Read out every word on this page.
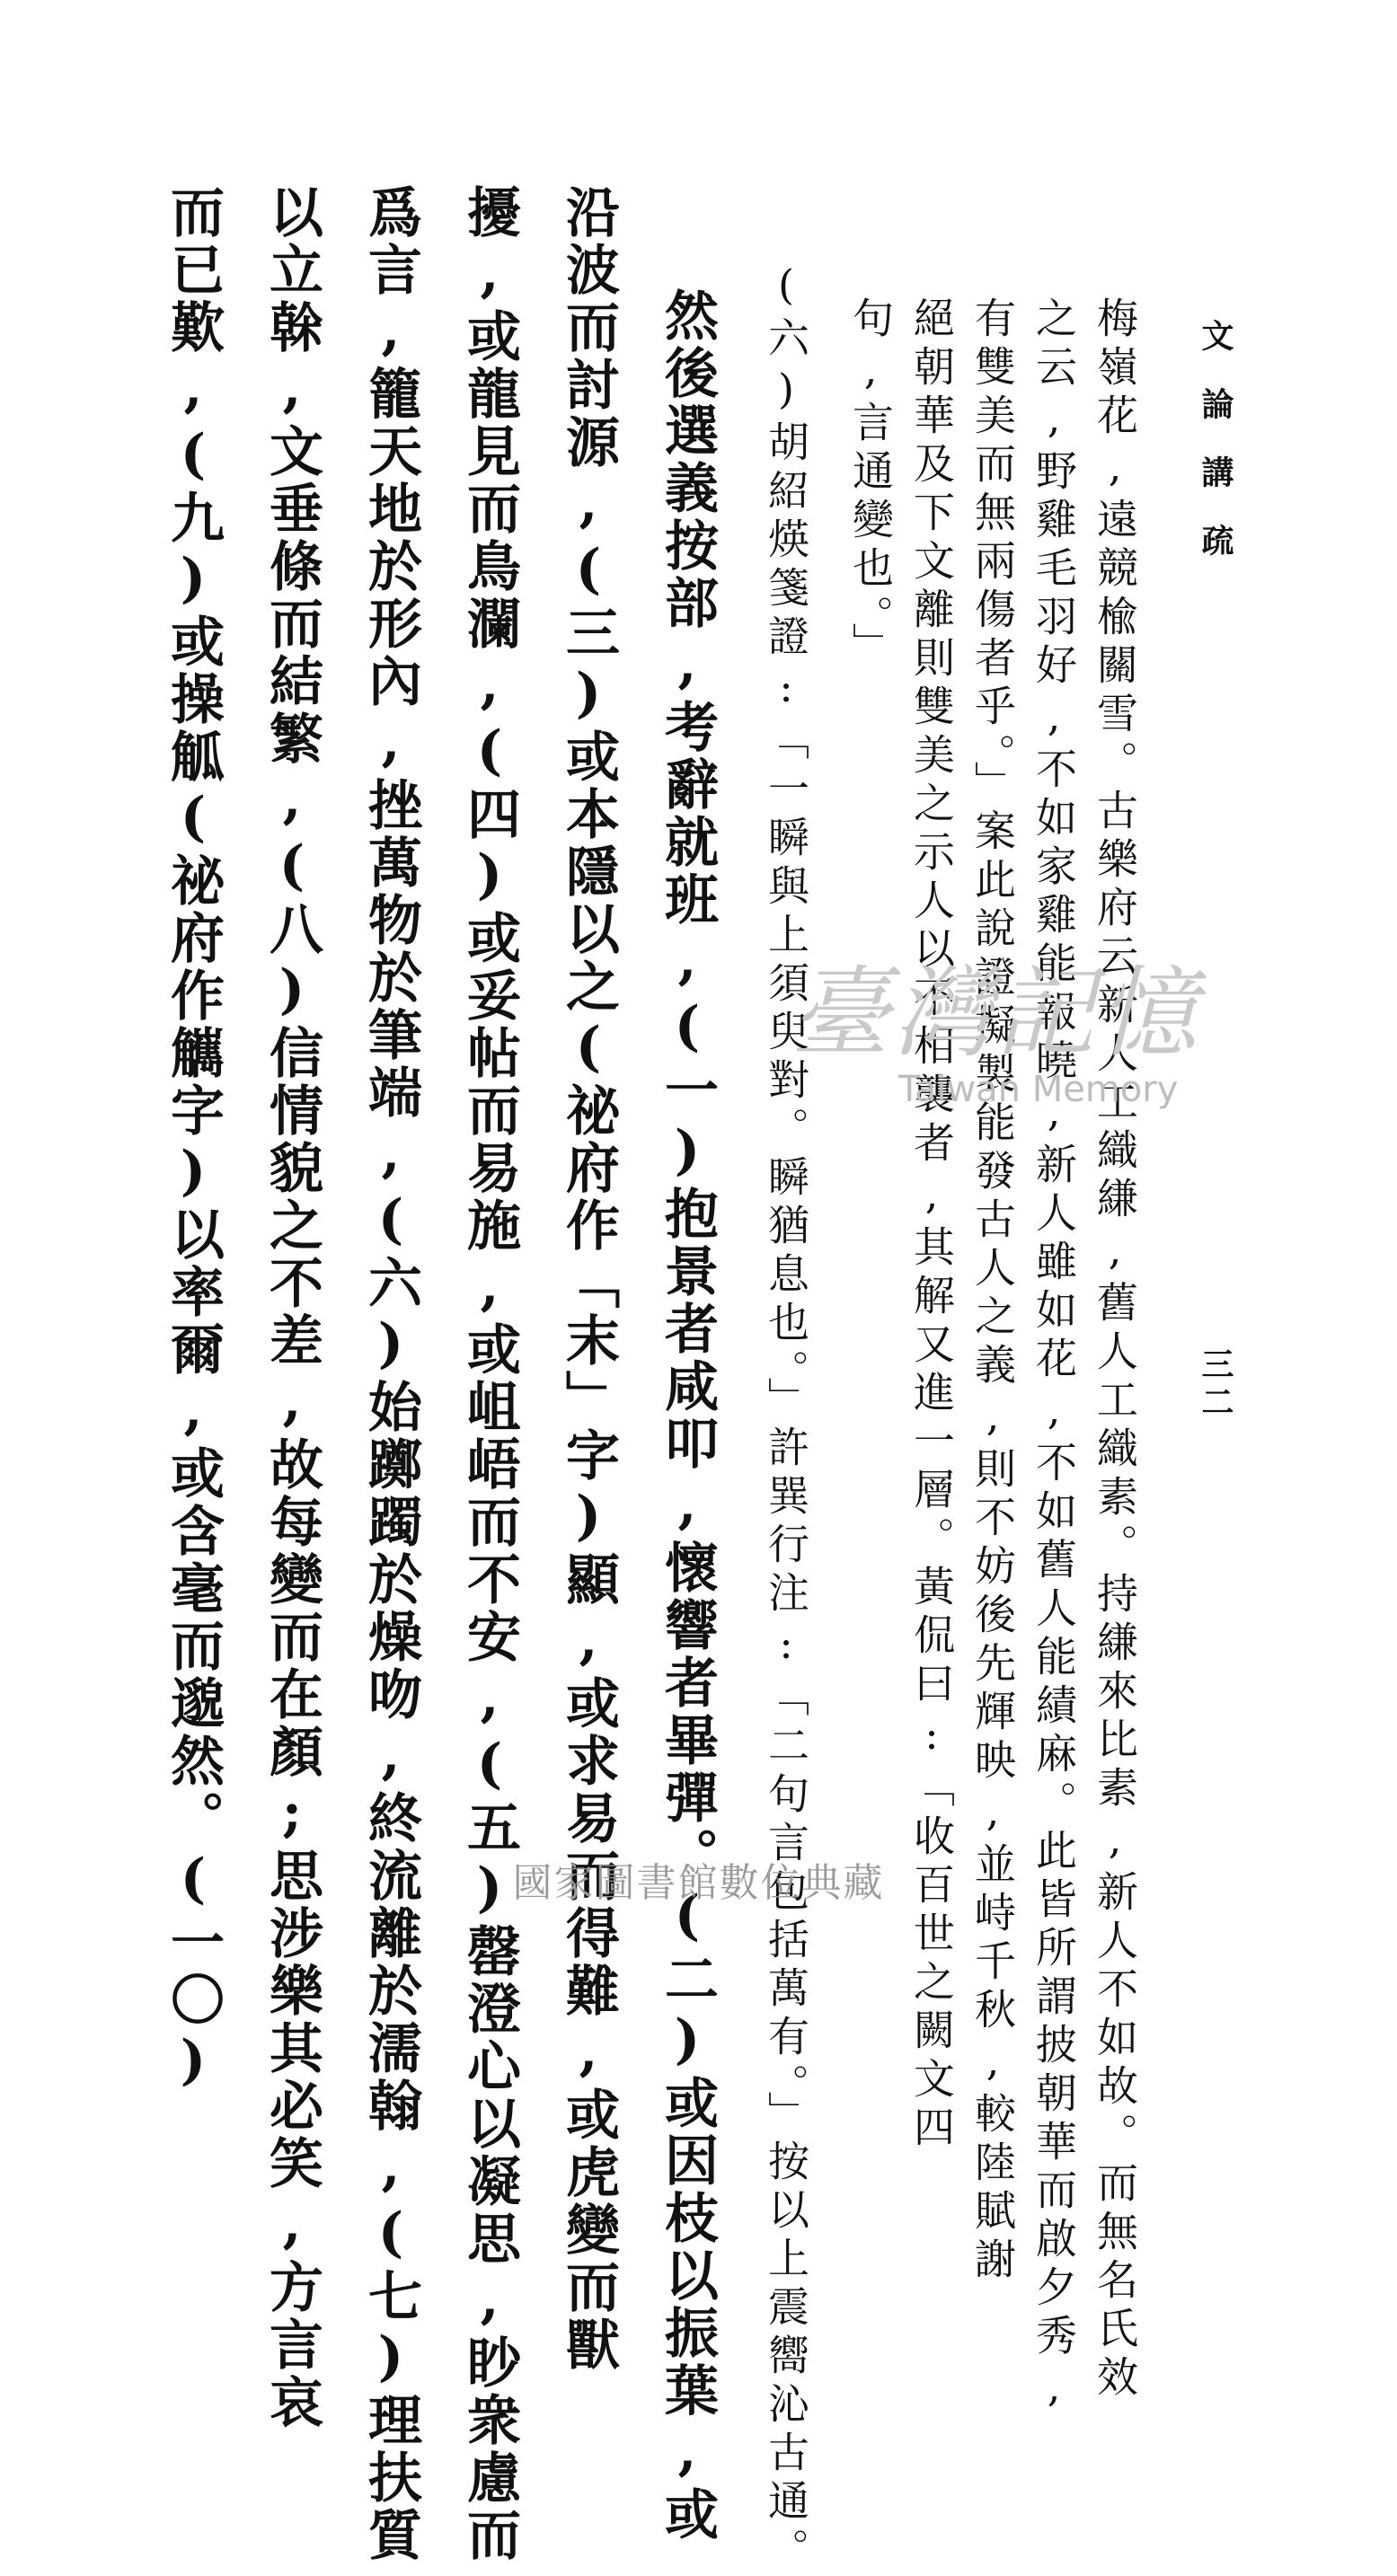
文論講疏
三二
梅嶺花,遠競楡關雪。古樂府云新人工織縑,舊人工織素。持縑來比素,新人不如故。而無名氏效
之云,野雞毛羽好,不如家雞能報曉,新人雖如花,不如舊人能績麻。此皆所謂披朝華而啟夕秀,
有雙美而無兩傷者乎。」案此說證擬製能發古人之義,則不妨後先輝映,並峙千秋,較陸賦謝
絕朝華及下文離則雙美之示人以不相襲者,其解又進一層。黃侃曰:「收百世之闕文四
句,言通變也。」
(六)胡紹煐箋證:「一瞬與上須臾對。瞬猶息也。」許巽行注:「二句言包括萬有。」按以上震嚮沁古通。
然後選義按部,考辭就班,(一)抱景者咸叩,懷響者畢彈。(二)或因枝以振葉,或
沿波而討源,(三)或本隱以之(祕府作「末」字)顯,或求易而得難,或虎變而獸
擾,或龍見而鳥瀾,(四)或妥帖而易施,或岨峿而不安,(五)罄澄心以凝思,眇衆慮而
爲言,籠天地於形內,挫萬物於筆端,(六)始躑躅於燥吻,終流離於濡翰,(七)理扶質
以立榦,文垂條而結繁,(八)信情貌之不差,故每變而在顏;思涉樂其必笑,方言哀
而已歎,(九)或操觚(祕府作觽字)以率爾,或含毫而邈然。(一〇)	臺灣記憶
Taiwan Memory
國家圖書館數位典藏
